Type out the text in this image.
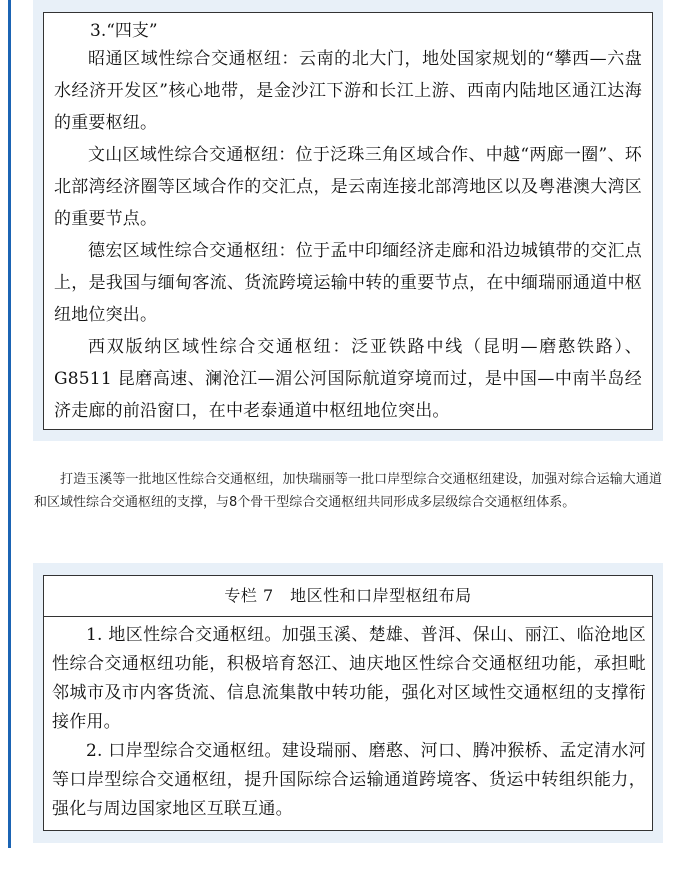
3.“四支”

昭通区域性综合交通枢纽：云南的北大门，地处国家规划的“攀西—六盘水经济开发区”核心地带，是金沙江下游和长江上游、西南内陆地区通江达海的重要枢纽。

文山区域性综合交通枢纽：位于泛珠三角区域合作、中越“两廊一圈”、环北部湾经济圈等区域合作的交汇点，是云南连接北部湾地区以及粤港澳大湾区的重要节点。

德宏区域性综合交通枢纽：位于孟中印缅经济走廊和沿边城镇带的交汇点上，是我国与缅甸客流、货流跨境运输中转的重要节点，在中缅瑞丽通道中枢纽地位突出。

西双版纳区域性综合交通枢纽：泛亚铁路中线（昆明—磨憨铁路）、G8511 昆磨高速、澜沧江—湄公河国际航道穿境而过，是中国—中南半岛经济走廊的前沿窗口，在中老泰通道中枢纽地位突出。

打造玉溪等一批地区性综合交通枢纽，加快瑞丽等一批口岸型综合交通枢纽建设，加强对综合运输大通道和区域性综合交通枢纽的支撑，与8个骨干型综合交通枢纽共同形成多层级综合交通枢纽体系。

专栏 7　地区性和口岸型枢纽布局

1. 地区性综合交通枢纽。加强玉溪、楚雄、普洱、保山、丽江、临沧地区性综合交通枢纽功能，积极培育怒江、迪庆地区性综合交通枢纽功能，承担毗邻城市及市内客货流、信息流集散中转功能，强化对区域性交通枢纽的支撑衔接作用。

2. 口岸型综合交通枢纽。建设瑞丽、磨憨、河口、腾冲猴桥、孟定清水河等口岸型综合交通枢纽，提升国际综合运输通道跨境客、货运中转组织能力，强化与周边国家地区互联互通。
